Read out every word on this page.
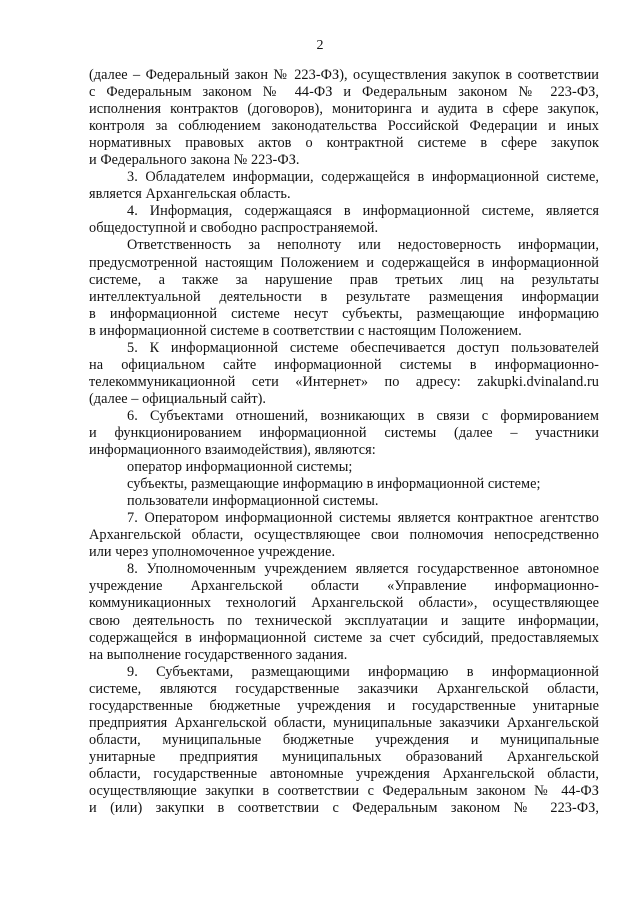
2

(далее – Федеральный закон № 223-ФЗ), осуществления закупок в соответствии

с Федеральным законом № 44-ФЗ и Федеральным законом № 223-ФЗ,

исполнения контрактов (договоров), мониторинга и аудита в сфере закупок,

контроля за соблюдением законодательства Российской Федерации и иных

нормативных правовых актов о контрактной системе в сфере закупок

и Федерального закона № 223-ФЗ.

3. Обладателем информации, содержащейся в информационной системе,

является Архангельская область.

4. Информация, содержащаяся в информационной системе, является

общедоступной и свободно распространяемой.

Ответственность за неполноту или недостоверность информации,

предусмотренной настоящим Положением и содержащейся в информационной

системе, а также за нарушение прав третьих лиц на результаты

интеллектуальной деятельности в результате размещения информации

в информационной системе несут субъекты, размещающие информацию

в информационной системе в соответствии с настоящим Положением.

5. К информационной системе обеспечивается доступ пользователей

на официальном сайте информационной системы в информационно-

телекоммуникационной сети «Интернет» по адресу: zakupki.dvinaland.ru

(далее – официальный сайт).

6. Субъектами отношений, возникающих в связи с формированием

и функционированием информационной системы (далее – участники

информационного взаимодействия), являются:

оператор информационной системы;

субъекты, размещающие информацию в информационной системе;

пользователи информационной системы.

7. Оператором информационной системы является контрактное агентство

Архангельской области, осуществляющее свои полномочия непосредственно

или через уполномоченное учреждение.

8. Уполномоченным учреждением является государственное автономное

учреждение Архангельской области «Управление информационно-

коммуникационных технологий Архангельской области», осуществляющее

свою деятельность по технической эксплуатации и защите информации,

содержащейся в информационной системе за счет субсидий, предоставляемых

на выполнение государственного задания.

9. Субъектами, размещающими информацию в информационной

системе, являются государственные заказчики Архангельской области,

государственные бюджетные учреждения и государственные унитарные

предприятия Архангельской области, муниципальные заказчики Архангельской

области, муниципальные бюджетные учреждения и муниципальные

унитарные предприятия муниципальных образований Архангельской

области, государственные автономные учреждения Архангельской области,

осуществляющие закупки в соответствии с Федеральным законом № 44-ФЗ

и (или) закупки в соответствии с Федеральным законом № 223-ФЗ,
